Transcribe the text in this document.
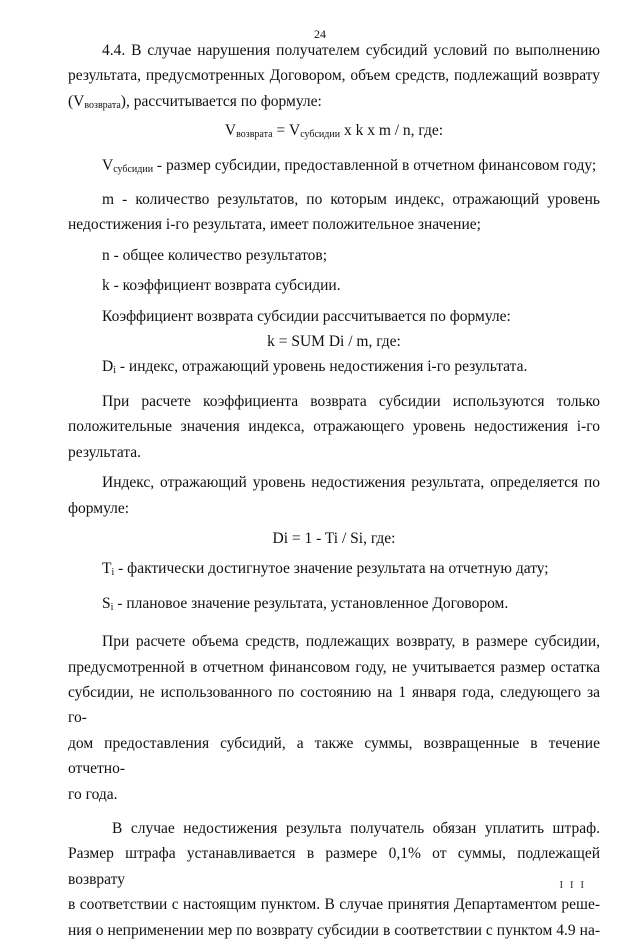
24

4.4. В случае нарушения получателем субсидий условий по выполнению

результата, предусмотренных Договором, объем средств, подлежащий возврату

$(V_{возврата})$, рассчитывается по формуле:

$V_{возврата} = V_{субсидии}$ x k x m / n, где:

$V_{субсидии}$ - размер субсидии, предоставленной в отчетном финансовом году;

m - количество результатов, по которым индекс, отражающий уровень

недостижения i-го результата, имеет положительное значение;

n - общее количество результатов;

k - коэффициент возврата субсидии.

Коэффициент возврата субсидии рассчитывается по формуле:

k = SUM Di / m, где:

$D_i$ - индекс, отражающий уровень недостижения i-го результата.

При расчете коэффициента возврата субсидии используются только

положительные значения индекса, отражающего уровень недостижения i-го

результата.

Индекс, отражающий уровень недостижения результата, определяется по

формуле:

Di = 1 - Ti / Si, где:

$T_i$ - фактически достигнутое значение результата на отчетную дату;

$S_i$ - плановое значение результата, установленное Договором.

При расчете объема средств, подлежащих возврату, в размере субсидии,

предусмотренной в отчетном финансовом году, не учитывается размер остатка

субсидии, не использованного по состоянию на 1 января года, следующего за го-

дом предоставления субсидий, а также суммы, возвращенные в течение отчетно-

го года.

В случае недостижения результа получатель обязан уплатить штраф.

Размер штрафа устанавливается в размере 0,1% от суммы, подлежащей возврату

в соответствии с настоящим пунктом. В случае принятия Департаментом реше-

ния о неприменении мер по возврату субсидии в соответствии с пунктом 4.9 на-

I I I
